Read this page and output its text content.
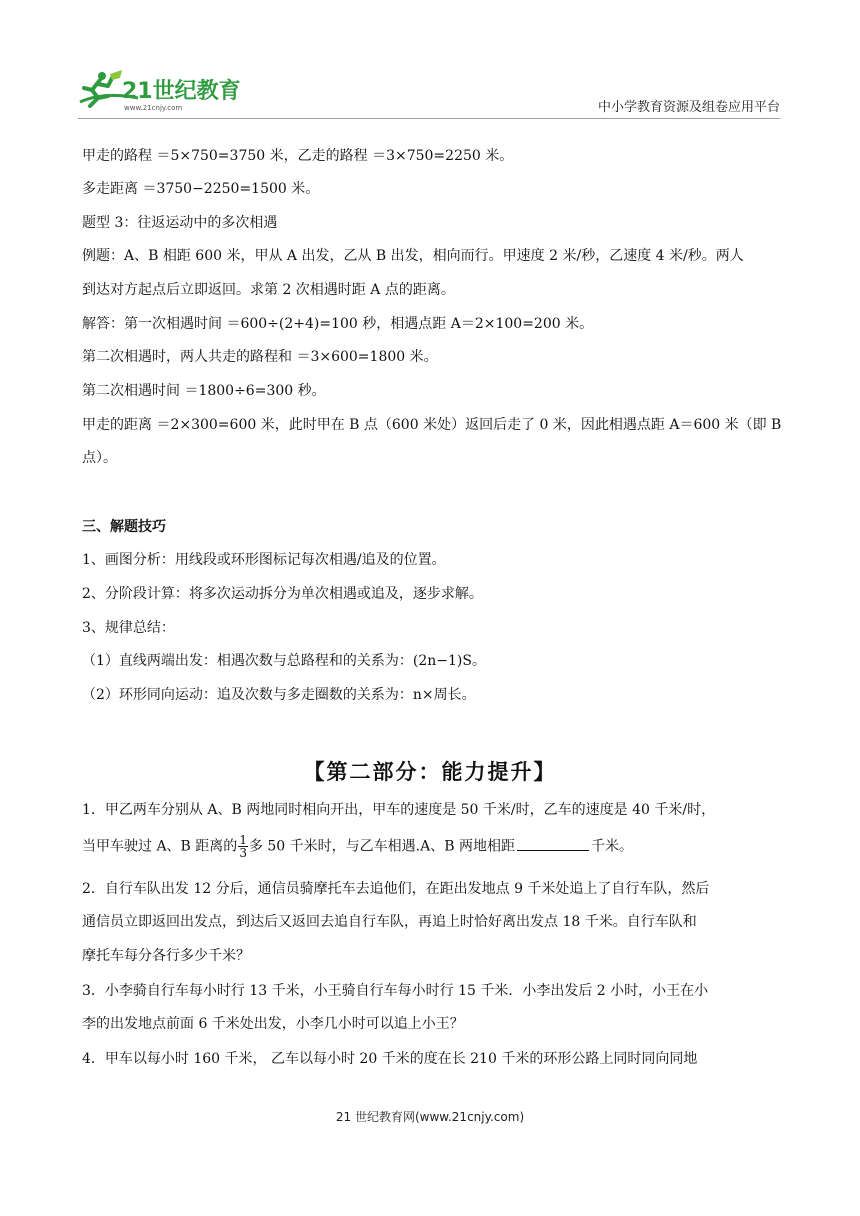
21世纪教育
www.21cnjy.com	中小学教育资源及组卷应用平台

甲走的路程 ＝5×750=3750 米，乙走的路程 ＝3×750=2250 米。

多走距离 ＝3750−2250=1500 米。

题型 3：往返运动中的多次相遇

例题：A、B 相距 600 米，甲从 A 出发，乙从 B 出发，相向而行。甲速度 2 米/秒，乙速度 4 米/秒。两人

到达对方起点后立即返回。求第 2 次相遇时距 A 点的距离。

解答：第一次相遇时间 ＝600÷(2+4)=100 秒，相遇点距 A＝2×100=200 米。

第二次相遇时，两人共走的路程和 ＝3×600=1800 米。

第二次相遇时间 ＝1800÷6=300 秒。

甲走的距离 ＝2×300=600 米，此时甲在 B 点（600 米处）返回后走了 0 米，因此相遇点距 A＝600 米（即 B

点）。

三、解题技巧

1、画图分析：用线段或环形图标记每次相遇/追及的位置。

2、分阶段计算：将多次运动拆分为单次相遇或追及，逐步求解。

3、规律总结：

（1）直线两端出发：相遇次数与总路程和的关系为：(2n−1)S。

（2）环形同向运动：追及次数与多走圈数的关系为：n×周长。

【第二部分：能力提升】

1．甲乙两车分别从 A、B 两地同时相向开出，甲车的速度是 50 千米/时，乙车的速度是 40 千米/时，

当甲车驶过 A、B 距离的 $\frac{1}{3}$ 多 50 千米时，与乙车相遇.A、B 两地相距	千米。

2．自行车队出发 12 分后，通信员骑摩托车去追他们，在距出发地点 9 千米处追上了自行车队，然后

通信员立即返回出发点，到达后又返回去追自行车队，再追上时恰好离出发点 18 千米。自行车队和

摩托车每分各行多少千米？

3．小李骑自行车每小时行 13 千米，小王骑自行车每小时行 15 千米．小李出发后 2 小时，小王在小

李的出发地点前面 6 千米处出发，小李几小时可以追上小王？

4．甲车以每小时 160 千米， 乙车以每小时 20 千米的度在长 210 千米的环形公路上同时同向同地

21 世纪教育网(www.21cnjy.com)
